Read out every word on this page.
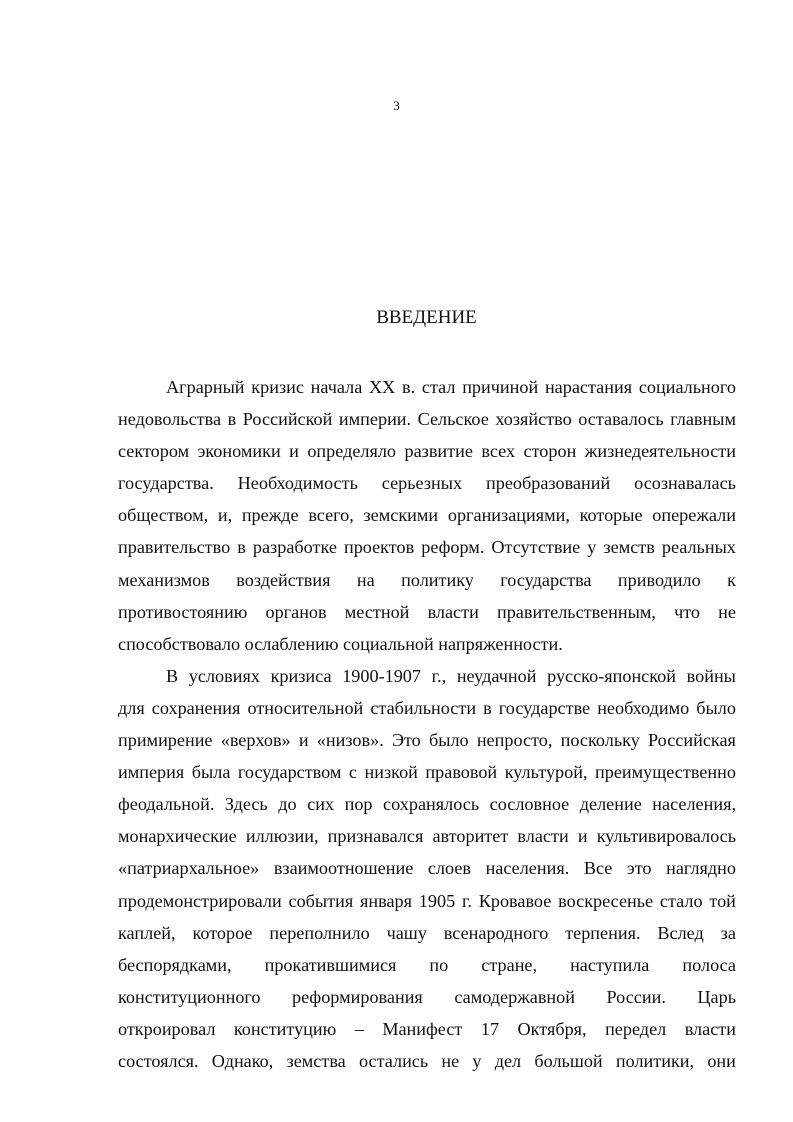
3
ВВЕДЕНИЕ

Аграрный кризис начала XX в. стал причиной нарастания социального
недовольства в Российской империи. Сельское хозяйство оставалось главным
сектором экономики и определяло развитие всех сторон жизнедеятельности
государства. Необходимость серьезных преобразований осознавалась
обществом, и, прежде всего, земскими организациями, которые опережали
правительство в разработке проектов реформ. Отсутствие у земств реальных
механизмов воздействия на политику государства приводило к
противостоянию органов местной власти правительственным, что не
способствовало ослаблению социальной напряженности.

В условиях кризиса 1900-1907 г., неудачной русско-японской войны
для сохранения относительной стабильности в государстве необходимо было
примирение «верхов» и «низов». Это было непросто, поскольку Российская
империя была государством с низкой правовой культурой, преимущественно
феодальной. Здесь до сих пор сохранялось сословное деление населения,
монархические иллюзии, признавался авторитет власти и культивировалось
«патриархальное» взаимоотношение слоев населения. Все это наглядно
продемонстрировали события января 1905 г. Кровавое воскресенье стало той
каплей, которое переполнило чашу всенародного терпения. Вслед за
беспорядками, прокатившимися по стране, наступила полоса
конституционного реформирования самодержавной России. Царь
откроировал конституцию – Манифест 17 Октября, передел власти
состоялся. Однако, земства остались не у дел большой политики, они
